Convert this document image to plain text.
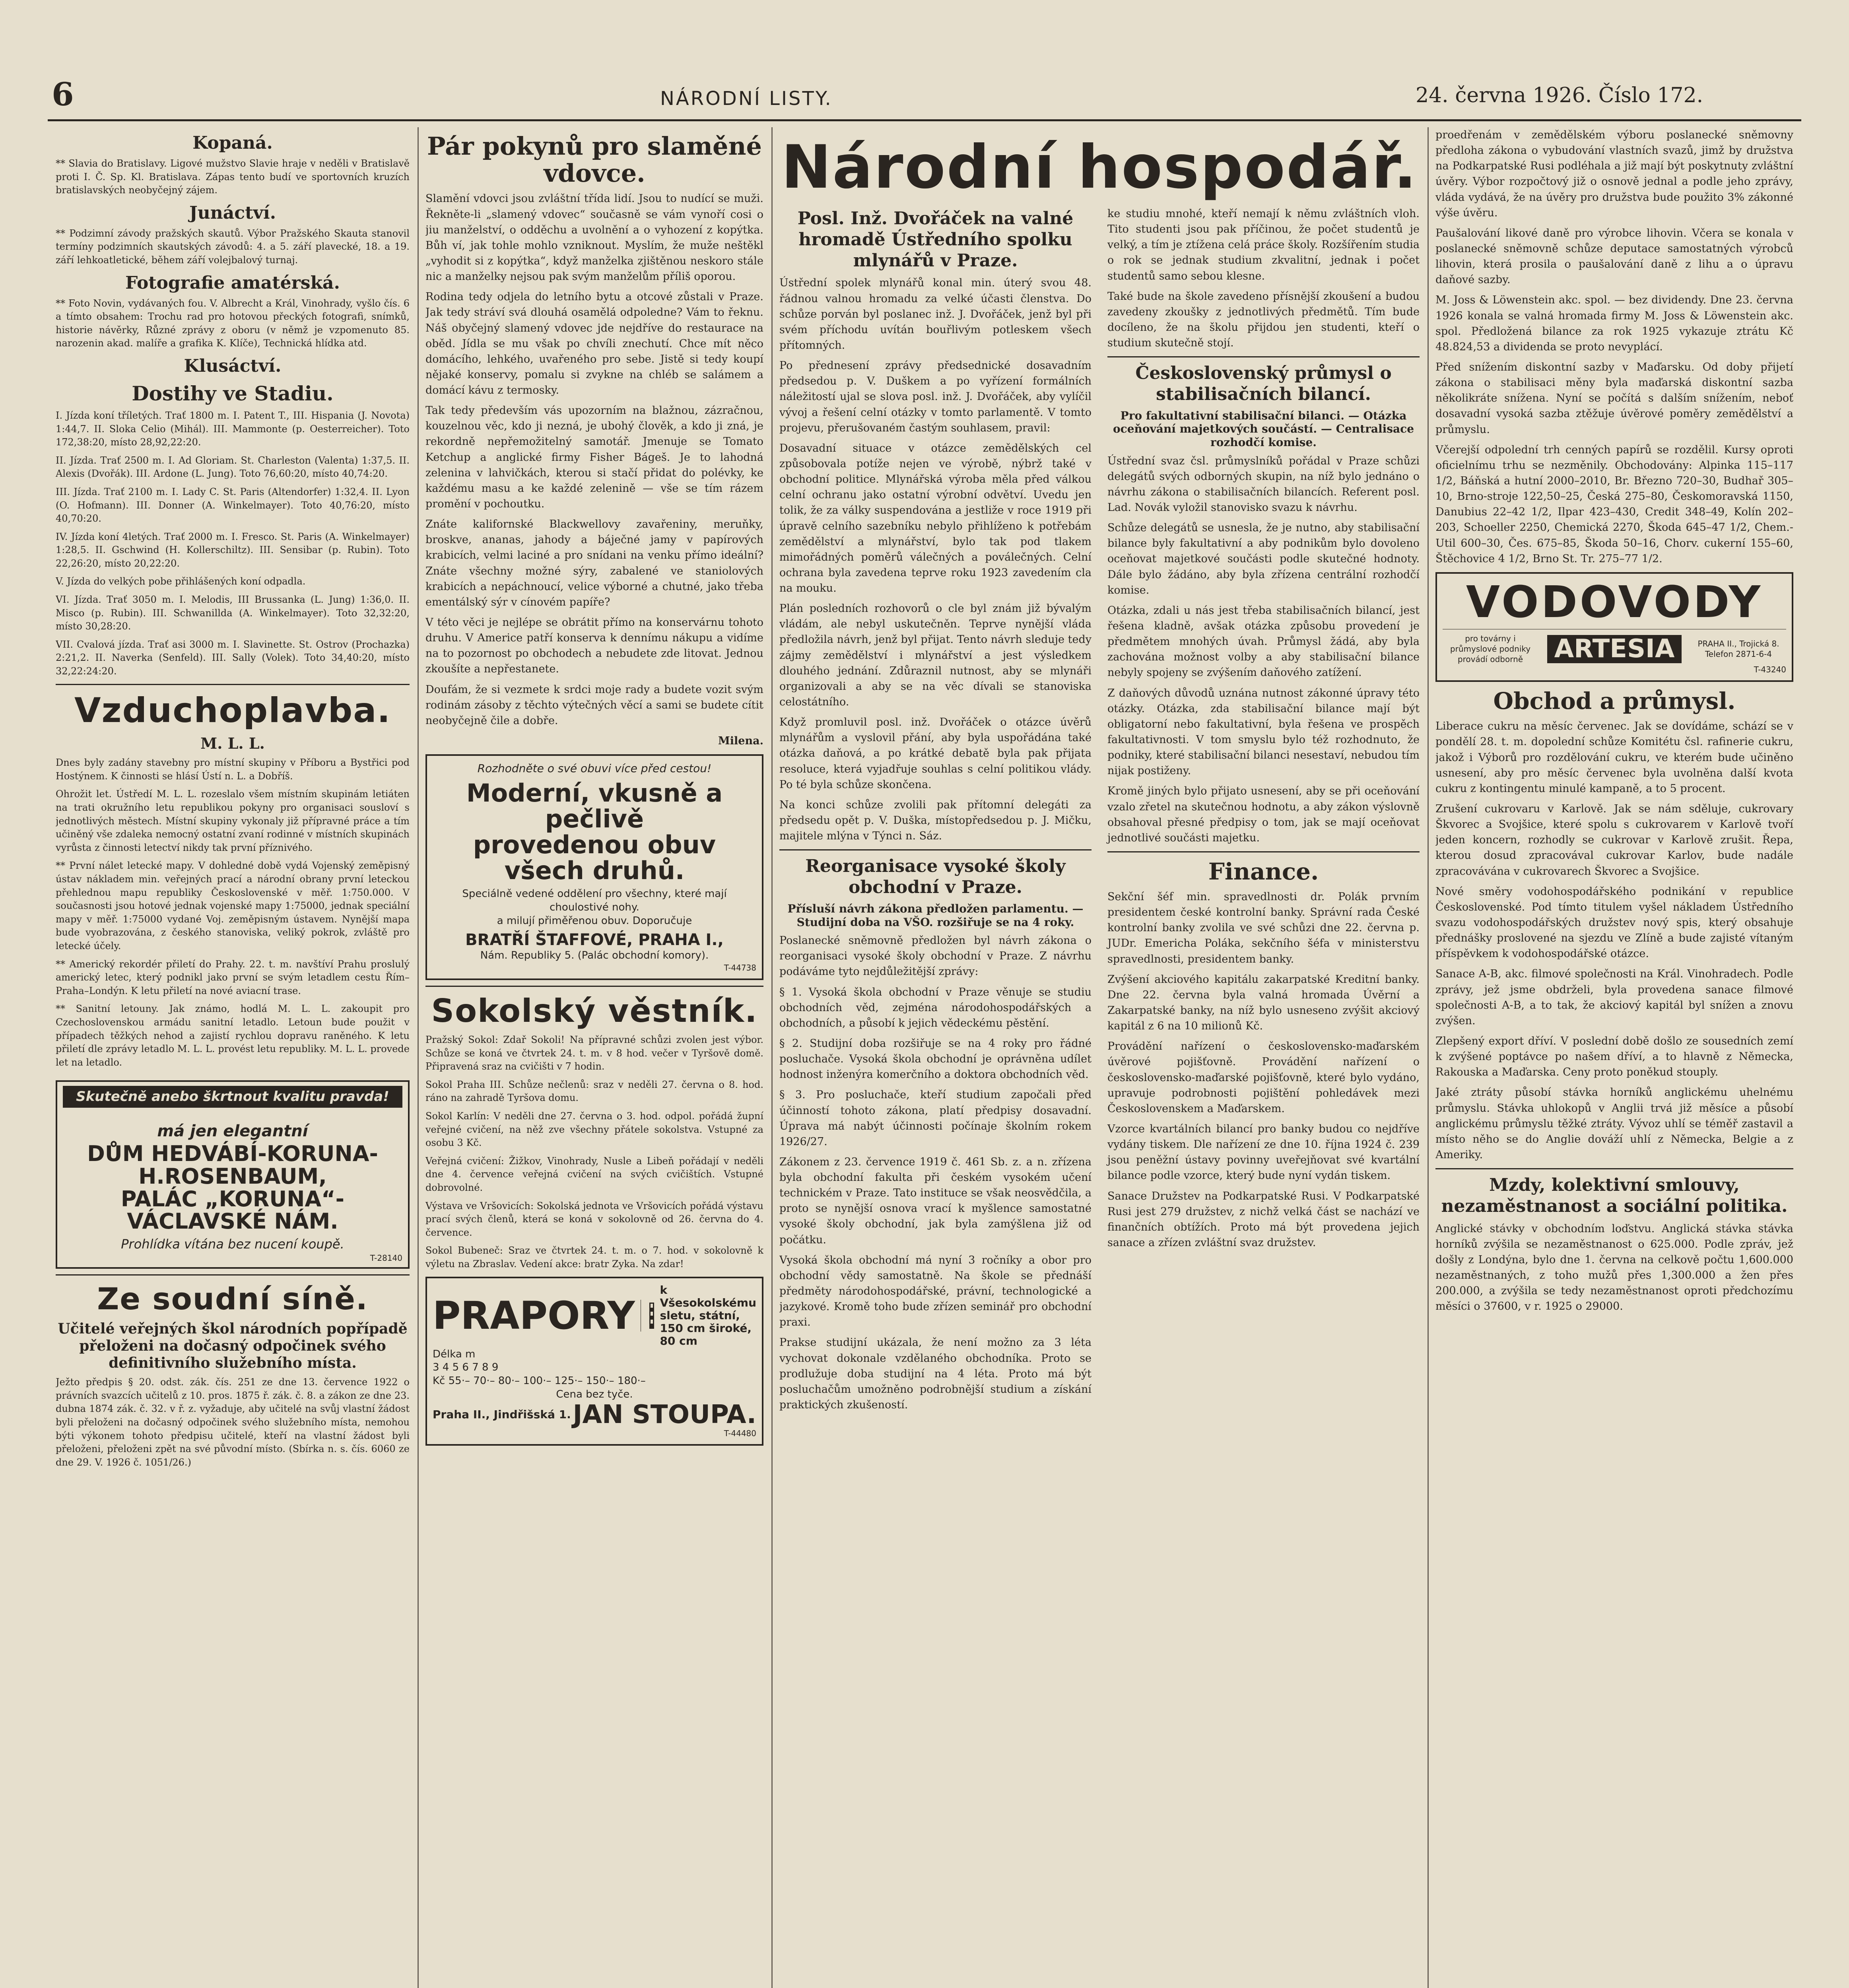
6	NÁRODNÍ LISTY.	24. června 1926. Číslo 172.
Kopaná.

** Slavia do Bratislavy. Ligové mužstvo Slavie hraje v neděli v Bratislavě proti I. Č. Sp. Kl. Bratislava. Zápas tento budí ve sportovních kruzích bratislavských neobyčejný zájem.

Junáctví.

** Podzimní závody pražských skautů. Výbor Pražského Skauta stanovil termíny podzimních skautských závodů: 4. a 5. září plavecké, 18. a 19. září lehkoatletické, během září volejbalový turnaj.

Fotografie amatérská.

** Foto Novin, vydávaných fou. V. Albrecht a Král, Vinohrady, vyšlo čís. 6 a tímto obsahem: Trochu rad pro hotovou přeckých fotografi, snímků, historie návěrky, Různé zprávy z oboru (v němž je vzpomenuto 85. narozenin akad. malíře a grafika K. Klíče), Technická hlídka atd.

Klusáctví.
Dostihy ve Stadiu.

I. Jízda koní tříletých. Trať 1800 m. I. Patent T., III. Hispania (J. Novota) 1:44,7. II. Sloka Celio (Mihál). III. Mammonte (p. Oesterreicher). Toto 172,38:20, místo 28,92,22:20.

II. Jízda. Trať 2500 m. I. Ad Gloriam. St. Charleston (Valenta) 1:37,5. II. Alexis (Dvořák). III. Ardone (L. Jung). Toto 76,60:20, místo 40,74:20.

III. Jízda. Trať 2100 m. I. Lady C. St. Paris (Altendorfer) 1:32,4. II. Lyon (O. Hofmann). III. Donner (A. Winkelmayer). Toto 40,76:20, místo 40,70:20.

IV. Jízda koní 4letých. Trať 2000 m. I. Fresco. St. Paris (A. Winkelmayer) 1:28,5. II. Gschwind (H. Kollerschiltz). III. Sensibar (p. Rubin). Toto 22,26:20, místo 20,22:20.

V. Jízda do velkých pobe přihlášených koní odpadla.

VI. Jízda. Trať 3050 m. I. Melodis, III Brussanka (L. Jung) 1:36,0. II. Misco (p. Rubin). III. Schwanillda (A. Winkelmayer). Toto 32,32:20, místo 30,28:20.

VII. Cvalová jízda. Trať asi 3000 m. I. Slavinette. St. Ostrov (Prochazka) 2:21,2. II. Naverka (Senfeld). III. Sally (Volek). Toto 34,40:20, místo 32,22:24:20.

Vzduchoplavba.
M. L. L.

Dnes byly zadány stavebny pro místní skupiny v Příboru a Bystřici pod Hostýnem. K činnosti se hlásí Ústí n. L. a Dobříš.

Ohrožit let. Ústředí M. L. L. rozeslalo všem místním skupinám letiáten na trati okružního letu republikou pokyny pro organisaci sousloví s jednotlivých městech. Místní skupiny vykonaly již přípravné práce a tím učiněný vše zdaleka nemocný ostatní zvaní rodinné v místních skupinách vyrůsta z činnosti letectví nikdy tak první příznivého.

** První nálet letecké mapy. V dohledné době vydá Vojenský zeměpisný ústav nákladem min. veřejných prací a národní obrany první leteckou přehlednou mapu republiky Československé v měř. 1:750.000. V současnosti jsou hotové jednak vojenské mapy 1:75000, jednak speciální mapy v měř. 1:75000 vydané Voj. zeměpisným ústavem. Nynější mapa bude vyobrazována, z českého stanoviska, veliký pokrok, zvláště pro letecké účely.

** Americký rekordér přiletí do Prahy. 22. t. m. navštíví Prahu proslulý americký letec, který podnikl jako první se svým letadlem cestu Řím–Praha–Londýn. K letu přiletí na nové aviacní trase.

** Sanitní letouny. Jak známo, hodlá M. L. L. zakoupit pro Czechoslovenskou armádu sanitní letadlo. Letoun bude použit v případech těžkých nehod a zajistí rychlou dopravu raněného. K letu přiletí dle zprávy letadlo M. L. L. provést letu republiky. M. L. L. provede let na letadlo.

Skutečně anebo škrtnout kvalitu pravda!
má jen elegantní
DŮM HEDVÁBÍ-KORUNA-H.ROSENBAUM,
PALÁC „KORUNA“-VÁCLAVSKÉ NÁM.
Prohlídka vítána bez nucení koupě.
T-28140
Ze soudní síně.
Učitelé veřejných škol národních popřípadě přeloženi na dočasný odpočinek svého definitivního služebního místa.

Ježto předpis § 20. odst. zák. čís. 251 ze dne 13. července 1922 o právních svazcích učitelů z 10. pros. 1875 ř. zák. č. 8. a zákon ze dne 23. dubna 1874 zák. č. 32. v ř. z. vyžaduje, aby učitelé na svůj vlastní žádost byli přeloženi na dočasný odpočinek svého služebního místa, nemohou býti výkonem tohoto předpisu učitelé, kteří na vlastní žádost byli přeloženi, přeloženi zpět na své původní místo. (Sbírka n. s. čís. 6060 ze dne 29. V. 1926 č. 1051/26.)

Pár pokynů pro slaměné vdovce.

Slamění vdovci jsou zvláštní třída lidí. Jsou to nudící se muži. Řekněte-li „slamený vdovec“ současně se vám vynoří cosi o jiu manželství, o odděchu a uvolnění a o vyhození z kopýtka. Bůh ví, jak tohle mohlo vzniknout. Myslím, že muže neštěkl „vyhodit si z kopýtka“, když manželka zjištěnou neskoro stále nic a manželky nejsou pak svým manželům příliš oporou.

Rodina tedy odjela do letního bytu a otcové zůstali v Praze. Jak tedy stráví svá dlouhá osamělá odpoledne? Vám to řeknu. Náš obyčejný slamený vdovec jde nejdříve do restaurace na oběd. Jídla se mu však po chvíli znechutí. Chce mít něco domácího, lehkého, uvařeného pro sebe. Jistě si tedy koupí nějaké konservy, pomalu si zvykne na chléb se salámem a domácí kávu z termosky.

Tak tedy především vás upozorním na blažnou, zázračnou, kouzelnou věc, kdo ji nezná, je ubohý člověk, a kdo ji zná, je rekordně nepřemožitelný samotář. Jmenuje se Tomato Ketchup a anglické firmy Fisher Bágeš. Je to lahodná zelenina v lahvičkách, kterou si stačí přidat do polévky, ke každému masu a ke každé zelenině — vše se tím rázem promění v pochoutku.

Znáte kalifornské Blackwellovy zavařeniny, meruňky, broskve, ananas, jahody a báječné jamy v papírových krabicích, velmi laciné a pro snídani na venku přímo ideální? Znáte všechny možné sýry, zabalené ve staniolových krabicích a nepáchnoucí, velice výborné a chutné, jako třeba ementálský sýr v cínovém papíře?

V této věci je nejlépe se obrátit přímo na konservárnu tohoto druhu. V Americe patří konserva k dennímu nákupu a vidíme na to pozornost po obchodech a nebudete zde litovat. Jednou zkoušíte a nepřestanete.

Doufám, že si vezmete k srdci moje rady a budete vozit svým rodinám zásoby z těchto výtečných věcí a sami se budete cítit neobyčejně čile a dobře.

Milena.
Rozhodněte o své obuvi více před cestou!
Moderní, vkusně a pečlivě
provedenou obuv všech druhů.
Speciálně vedené oddělení pro všechny, které mají choulostivé nohy.
a milují přiměřenou obuv. Doporučuje
BRATŘÍ ŠTAFFOVÉ, PRAHA I.,
Nám. Republiky 5. (Palác obchodní komory).
T-44738
Sokolský věstník.

Pražský Sokol: Zdař Sokoli! Na přípravné schůzi zvolen jest výbor. Schůze se koná ve čtvrtek 24. t. m. v 8 hod. večer v Tyršově domě. Připravená sraz na cvičišti v 7 hodin.

Sokol Praha III. Schůze nečlenů: sraz v neděli 27. června o 8. hod. ráno na zahradě Tyršova domu.

Sokol Karlín: V neděli dne 27. června o 3. hod. odpol. pořádá župní veřejné cvičení, na něž zve všechny přátele sokolstva. Vstupné za osobu 3 Kč.

Veřejná cvičení: Žižkov, Vinohrady, Nusle a Libeň pořádají v neděli dne 4. července veřejná cvičení na svých cvičištích. Vstupné dobrovolné.

Výstava ve Vršovicích: Sokolská jednota ve Vršovicích pořádá výstavu prací svých členů, která se koná v sokolovně od 26. června do 4. července.

Sokol Bubeneč: Sraz ve čtvrtek 24. t. m. o 7. hod. v sokolovně k výletu na Zbraslav. Vedení akce: bratr Zyka. Na zdar!

PRAPORY
k Všesokolskému sletu, státní, 150 cm široké, 80 cm
Délka m
3 4 5 6 7 8 9
Kč 55·– 70·– 80·– 100·– 125·– 150·– 180·–
Cena bez tyče.
Praha II., Jindřišská 1. JAN STOUPA.
T-44480
Národní hospodář.
Posl. Inž. Dvořáček na valné hromadě Ústředního spolku mlynářů v Praze.

Ústřední spolek mlynářů konal min. úterý svou 48. řádnou valnou hromadu za velké účasti členstva. Do schůze porván byl poslanec inž. J. Dvořáček, jenž byl při svém příchodu uvítán bouřlivým potleskem všech přítomných.

Po přednesení zprávy předsednické dosavadním předsedou p. V. Duškem a po vyřízení formálních náležitostí ujal se slova posl. inž. J. Dvořáček, aby vylíčil vývoj a řešení celní otázky v tomto parlamentě. V tomto projevu, přerušovaném častým souhlasem, pravil:

Dosavadní situace v otázce zemědělských cel způsobovala potíže nejen ve výrobě, nýbrž také v obchodní politice. Mlynářská výroba měla před válkou celní ochranu jako ostatní výrobní odvětví. Uvedu jen tolik, že za války suspendována a jestliže v roce 1919 při úpravě celního sazebníku nebylo přihlíženo k potřebám zemědělství a mlynářství, bylo tak pod tlakem mimořádných poměrů válečných a poválečných. Celní ochrana byla zavedena teprve roku 1923 zavedením cla na mouku.

Plán posledních rozhovorů o cle byl znám již bývalým vládám, ale nebyl uskutečněn. Teprve nynější vláda předložila návrh, jenž byl přijat. Tento návrh sleduje tedy zájmy zemědělství i mlynářství a jest výsledkem dlouhého jednání. Zdůraznil nutnost, aby se mlynáři organizovali a aby se na věc dívali se stanoviska celostátního.

Když promluvil posl. inž. Dvořáček o otázce úvěrů mlynářům a vyslovil přání, aby byla uspořádána také otázka daňová, a po krátké debatě byla pak přijata resoluce, která vyjadřuje souhlas s celní politikou vlády. Po té byla schůze skončena.

Na konci schůze zvolili pak přítomní delegáti za předsedu opět p. V. Duška, místopředsedou p. J. Mičku, majitele mlýna v Týnci n. Sáz.

Reorganisace vysoké školy obchodní v Praze.
Přísluší návrh zákona předložen parlamentu. — Studijní doba na VŠO. rozšiřuje se na 4 roky.

Poslanecké sněmovně předložen byl návrh zákona o reorganisaci vysoké školy obchodní v Praze. Z návrhu podáváme tyto nejdůležitější zprávy:

§ 1. Vysoká škola obchodní v Praze věnuje se studiu obchodních věd, zejména národohospodářských a obchodních, a působí k jejich vědeckému pěstění.

§ 2. Studijní doba rozšiřuje se na 4 roky pro řádné posluchače. Vysoká škola obchodní je oprávněna udílet hodnost inženýra komerčního a doktora obchodních věd.

§ 3. Pro posluchače, kteří studium započali před účinností tohoto zákona, platí předpisy dosavadní. Úprava má nabýt účinnosti počínaje školním rokem 1926/27.

Zákonem z 23. července 1919 č. 461 Sb. z. a n. zřízena byla obchodní fakulta při českém vysokém učení technickém v Praze. Tato instituce se však neosvědčila, a proto se nynější osnova vrací k myšlence samostatné vysoké školy obchodní, jak byla zamýšlena již od počátku.

Vysoká škola obchodní má nyní 3 ročníky a obor pro obchodní vědy samostatně. Na škole se přednáší předměty národohospodářské, právní, technologické a jazykové. Kromě toho bude zřízen seminář pro obchodní praxi.

Prakse studijní ukázala, že není možno za 3 léta vychovat dokonale vzdělaného obchodníka. Proto se prodlužuje doba studijní na 4 léta. Proto má být posluchačům umožněno podrobnější studium a získání praktických zkušeností.

ke studiu mnohé, kteří nemají k němu zvláštních vloh. Tito studenti jsou pak příčinou, že počet studentů je velký, a tím je ztížena celá práce školy. Rozšířením studia o rok se jednak studium zkvalitní, jednak i počet studentů samo sebou klesne.

Také bude na škole zavedeno přísnější zkoušení a budou zavedeny zkoušky z jednotlivých předmětů. Tím bude docíleno, že na školu přijdou jen studenti, kteří o studium skutečně stojí.

Československý průmysl o stabilisačních bilancí.
Pro fakultativní stabilisační bilanci. — Otázka oceňování majetkových součástí. — Centralisace rozhodčí komise.

Ústřední svaz čsl. průmyslníků pořádal v Praze schůzi delegátů svých odborných skupin, na níž bylo jednáno o návrhu zákona o stabilisačních bilancích. Referent posl. Lad. Novák vyložil stanovisko svazu k návrhu.

Schůze delegátů se usnesla, že je nutno, aby stabilisační bilance byly fakultativní a aby podnikům bylo dovoleno oceňovat majetkové součásti podle skutečné hodnoty. Dále bylo žádáno, aby byla zřízena centrální rozhodčí komise.

Otázka, zdali u nás jest třeba stabilisačních bilancí, jest řešena kladně, avšak otázka způsobu provedení je předmětem mnohých úvah. Průmysl žádá, aby byla zachována možnost volby a aby stabilisační bilance nebyly spojeny se zvýšením daňového zatížení.

Z daňových důvodů uznána nutnost zákonné úpravy této otázky. Otázka, zda stabilisační bilance mají být obligatorní nebo fakultativní, byla řešena ve prospěch fakultativnosti. V tom smyslu bylo též rozhodnuto, že podniky, které stabilisační bilanci nesestaví, nebudou tím nijak postiženy.

Kromě jiných bylo přijato usnesení, aby se při oceňování vzalo zřetel na skutečnou hodnotu, a aby zákon výslovně obsahoval přesné předpisy o tom, jak se mají oceňovat jednotlivé součásti majetku.

Finance.

Sekční šéf min. spravedlnosti dr. Polák prvním presidentem české kontrolní banky. Správní rada České kontrolní banky zvolila ve své schůzi dne 22. června p. JUDr. Emericha Poláka, sekčního šéfa v ministerstvu spravedlnosti, presidentem banky.

Zvýšení akciového kapitálu zakarpatské Kreditní banky. Dne 22. června byla valná hromada Úvěrní a Zakarpatské banky, na níž bylo usneseno zvýšit akciový kapitál z 6 na 10 milionů Kč.

Provádění nařízení o československo-maďarském úvěrové pojišťovně. Provádění nařízení o československo-maďarské pojišťovně, které bylo vydáno, upravuje podrobnosti pojištění pohledávek mezi Československem a Maďarskem.

Vzorce kvartálních bilancí pro banky budou co nejdříve vydány tiskem. Dle nařízení ze dne 10. října 1924 č. 239 jsou peněžní ústavy povinny uveřejňovat své kvartální bilance podle vzorce, který bude nyní vydán tiskem.

Sanace Družstev na Podkarpatské Rusi. V Podkarpatské Rusi jest 279 družstev, z nichž velká část se nachází ve finančních obtížích. Proto má být provedena jejich sanace a zřízen zvláštní svaz družstev.

proedřenám v zemědělském výboru poslanecké sněmovny předloha zákona o vybudování vlastních svazů, jimž by družstva na Podkarpatské Rusi podléhala a již mají být poskytnuty zvláštní úvěry. Výbor rozpočtový již o osnově jednal a podle jeho zprávy, vláda vydává, že na úvěry pro družstva bude použito 3% zákonné výše úvěru.

Paušalování likové daně pro výrobce lihovin. Včera se konala v poslanecké sněmovně schůze deputace samostatných výrobců lihovin, která prosila o paušalování daně z lihu a o úpravu daňové sazby.

M. Joss & Löwenstein akc. spol. — bez dividendy. Dne 23. června 1926 konala se valná hromada firmy M. Joss & Löwenstein akc. spol. Předložená bilance za rok 1925 vykazuje ztrátu Kč 48.824,53 a dividenda se proto nevyplácí.

Před snížením diskontní sazby v Maďarsku. Od doby přijetí zákona o stabilisaci měny byla maďarská diskontní sazba několikráte snížena. Nyní se počítá s dalším snížením, neboť dosavadní vysoká sazba ztěžuje úvěrové poměry zemědělství a průmyslu.

Včerejší odpolední trh cenných papírů se rozdělil. Kursy oproti oficielnímu trhu se nezměnily. Obchodovány: Alpinka 115–117 1/2, Báňská a hutní 2000–2010, Br. Březno 720–30, Budhař 305–10, Brno-stroje 122,50–25, Česká 275–80, Českomoravská 1150, Danubius 22–42 1/2, Ilpar 423–430, Credit 348–49, Kolín 202–203, Schoeller 2250, Chemická 2270, Škoda 645–47 1/2, Chem.-Util 600–30, Čes. 675–85, Škoda 50–16, Chorv. cukerní 155–60, Štěchovice 4 1/2, Brno St. Tr. 275–77 1/2.

VODOVODY
pro továrny i průmyslové podniky provádí odborně	ARTESIA	PRAHA II., Trojická 8. Telefon 2871-6-4
T-43240
Obchod a průmysl.

Liberace cukru na měsíc červenec. Jak se dovídáme, schází se v pondělí 28. t. m. dopolední schůze Komitétu čsl. rafinerie cukru, jakož i Výborů pro rozdělování cukru, ve kterém bude učiněno usnesení, aby pro měsíc červenec byla uvolněna další kvota cukru z kontingentu minulé kampaně, a to 5 procent.

Zrušení cukrovaru v Karlově. Jak se nám sděluje, cukrovary Škvorec a Svojšice, které spolu s cukrovarem v Karlově tvoří jeden koncern, rozhodly se cukrovar v Karlově zrušit. Řepa, kterou dosud zpracovával cukrovar Karlov, bude nadále zpracovávána v cukrovarech Škvorec a Svojšice.

Nové směry vodohospodářského podnikání v republice Československé. Pod tímto titulem vyšel nákladem Ústředního svazu vodohospodářských družstev nový spis, který obsahuje přednášky proslovené na sjezdu ve Zlíně a bude zajisté vítaným příspěvkem k vodohospodářské otázce.

Sanace A-B, akc. filmové společnosti na Král. Vinohradech. Podle zprávy, jež jsme obdrželi, byla provedena sanace filmové společnosti A-B, a to tak, že akciový kapitál byl snížen a znovu zvýšen.

Zlepšený export dříví. V poslední době došlo ze sousedních zemí k zvýšené poptávce po našem dříví, a to hlavně z Německa, Rakouska a Maďarska. Ceny proto poněkud stouply.

Jaké ztráty působí stávka horníků anglickému uhelnému průmyslu. Stávka uhlokopů v Anglii trvá již měsíce a působí anglickému průmyslu těžké ztráty. Vývoz uhlí se téměř zastavil a místo něho se do Anglie dováží uhlí z Německa, Belgie a z Ameriky.

Mzdy, kolektivní smlouvy, nezaměstnanost a sociální politika.

Anglické stávky v obchodním loďstvu. Anglická stávka stávka horníků zvýšila se nezaměstnanost o 625.000. Podle zpráv, jež došly z Londýna, bylo dne 1. června na celkově počtu 1,600.000 nezaměstnaných, z toho mužů přes 1,300.000 a žen přes 200.000, a zvýšila se tedy nezaměstnanost oproti předchozímu měsíci o 37600, v r. 1925 o 29000.
